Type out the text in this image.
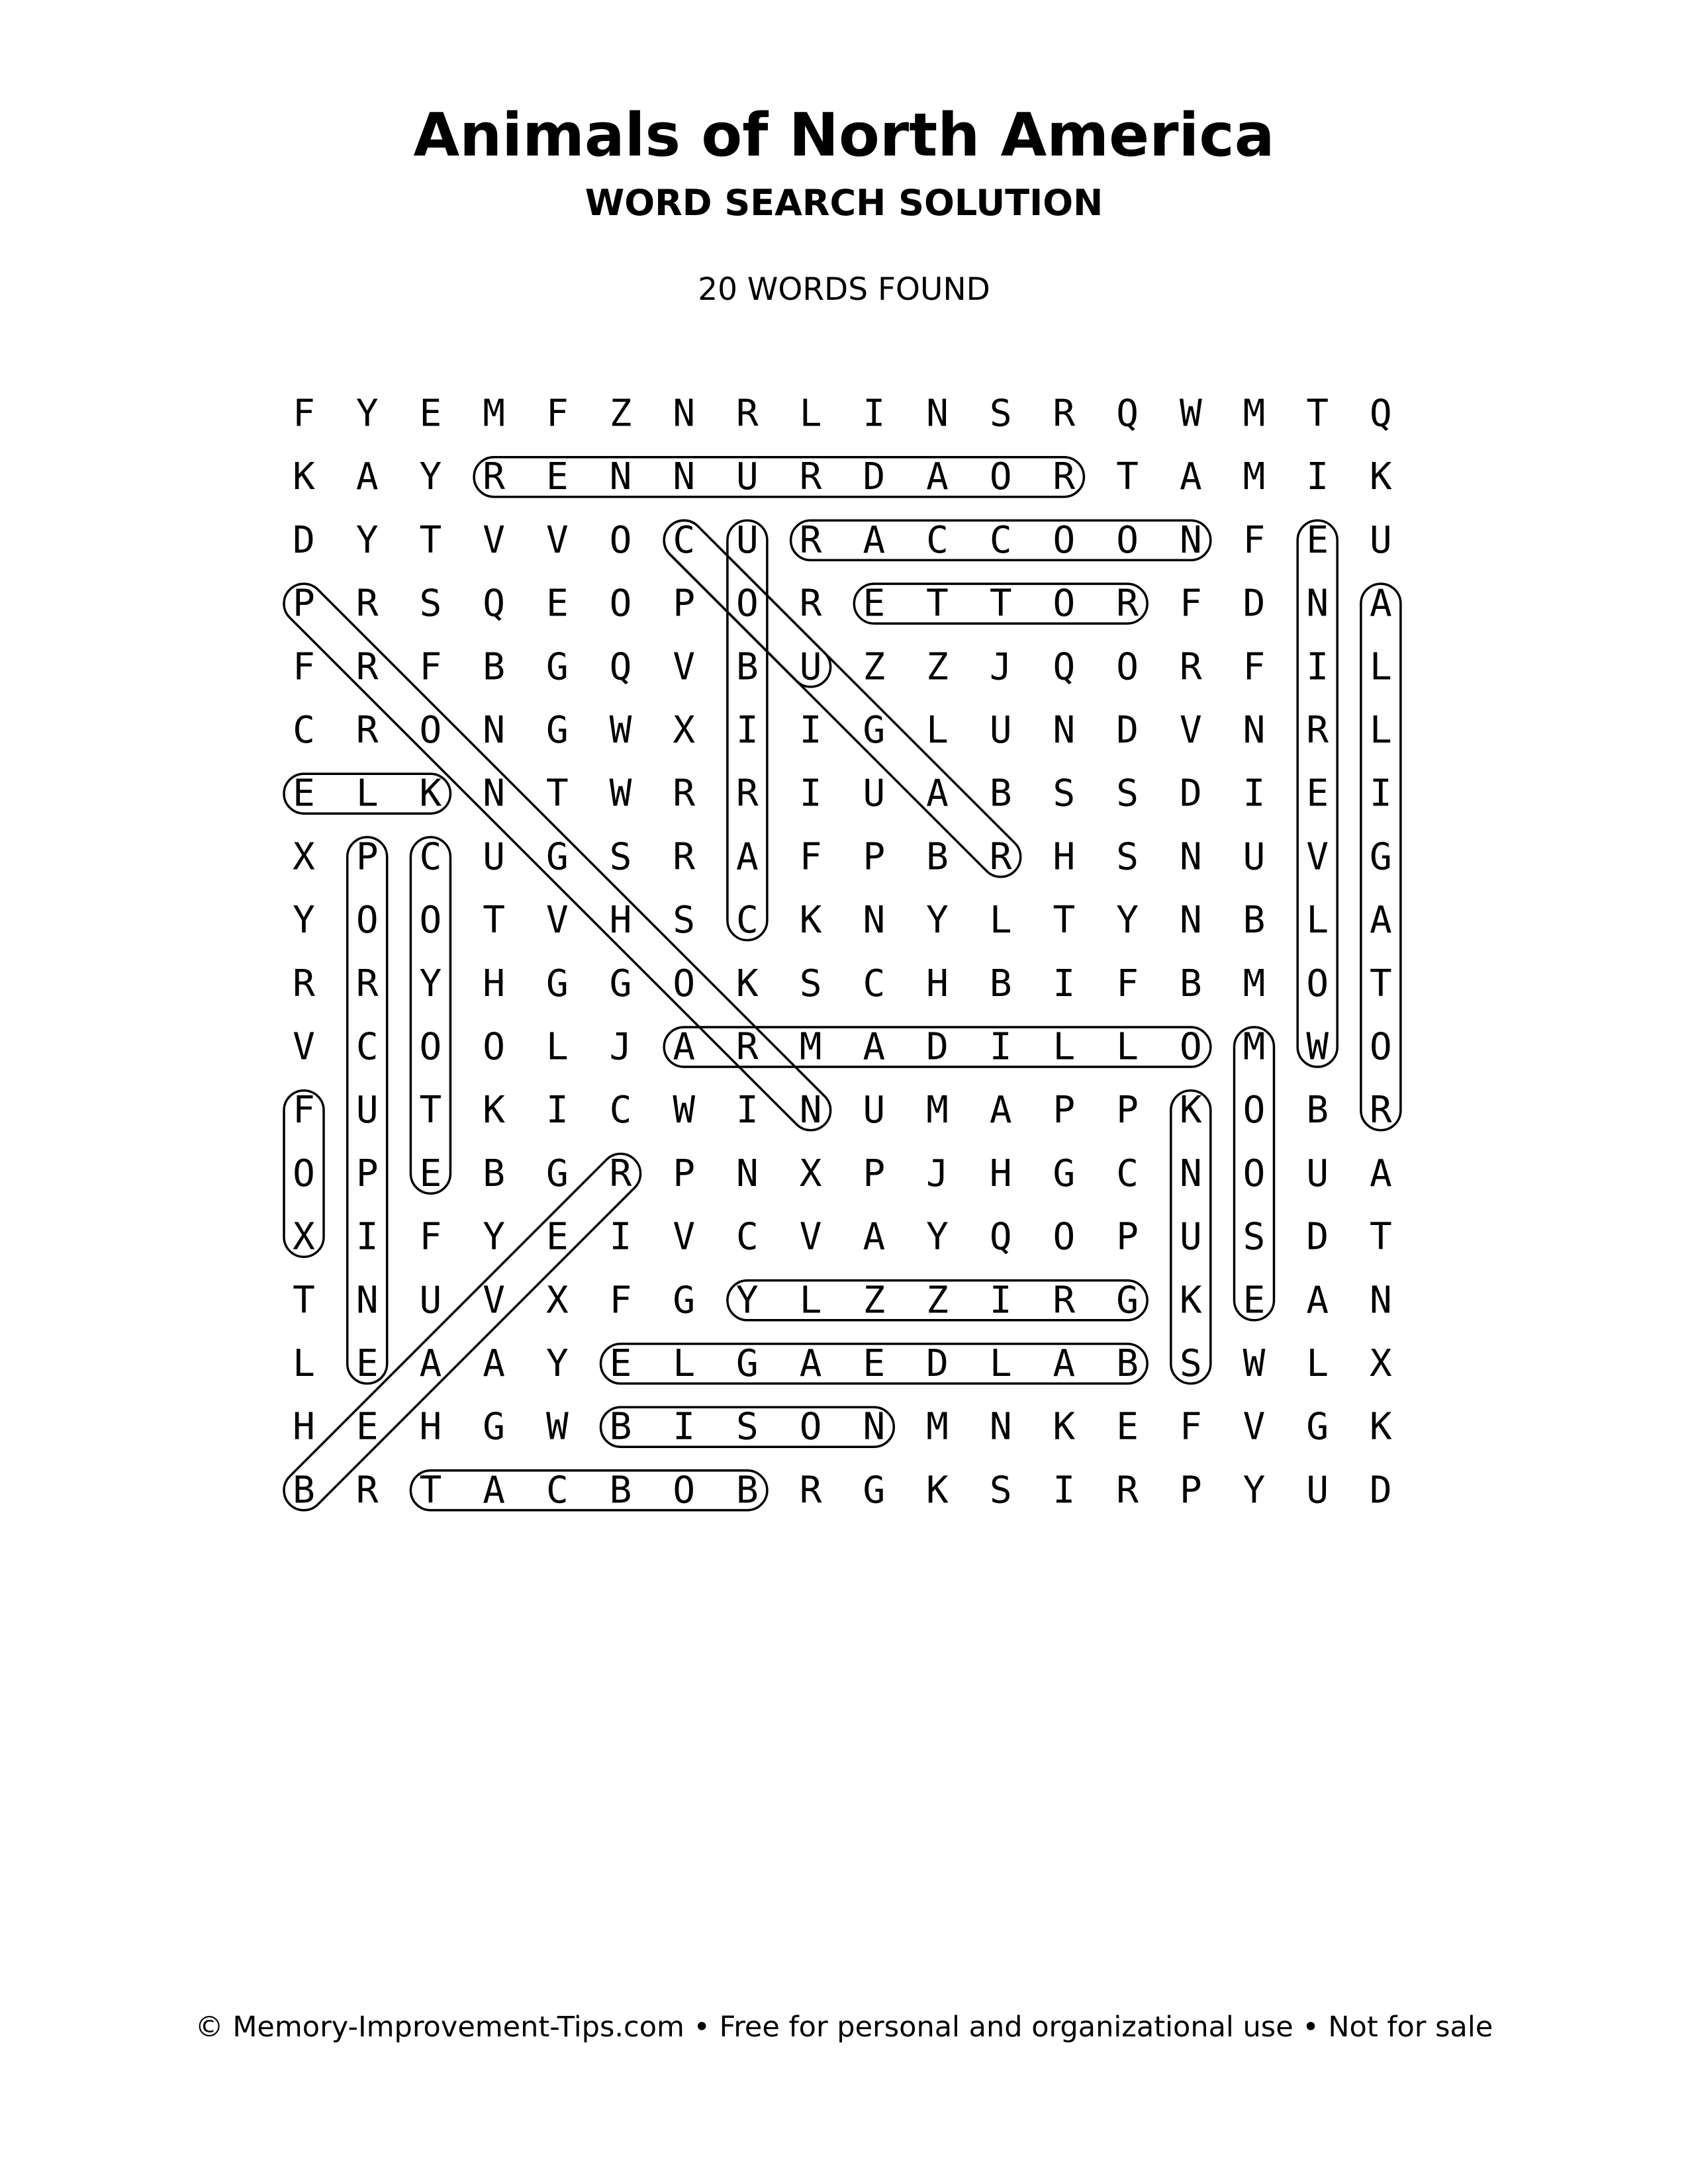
Animals of North America
WORD SEARCH SOLUTION
20 WORDS FOUND
F Y E M F Z N R L I N S R Q W M T Q
K A Y R E N N U R D A O R T A M I K
D Y T V V O C U R A C C O O N F E U
P R S Q E O P O R E T T O R F D N A
F R F B G Q V B U Z Z J Q O R F I L
C R O N G W X I I G L U N D V N R L
E L K N T W R R I U A B S S D I E I
X P C U G S R A F P B R H S N U V G
Y O O T V H S C K N Y L T Y N B L A
R R Y H G G O K S C H B I F B M O T
V C O O L J A R M A D I L L O M W O
F U T K I C W I N U M A P P K O B R
O P E B G R P N X P J H G C N O U A
X I F Y E I V C V A Y Q O P U S D T
T N U V X F G Y L Z Z I R G K E A N
L E A A Y E L G A E D L A B S W L X
H E H G W B I S O N M N K E F V G K
B R T A C B O B R G K S I R P Y U D
© Memory-Improvement-Tips.com • Free for personal and organizational use • Not for sale
